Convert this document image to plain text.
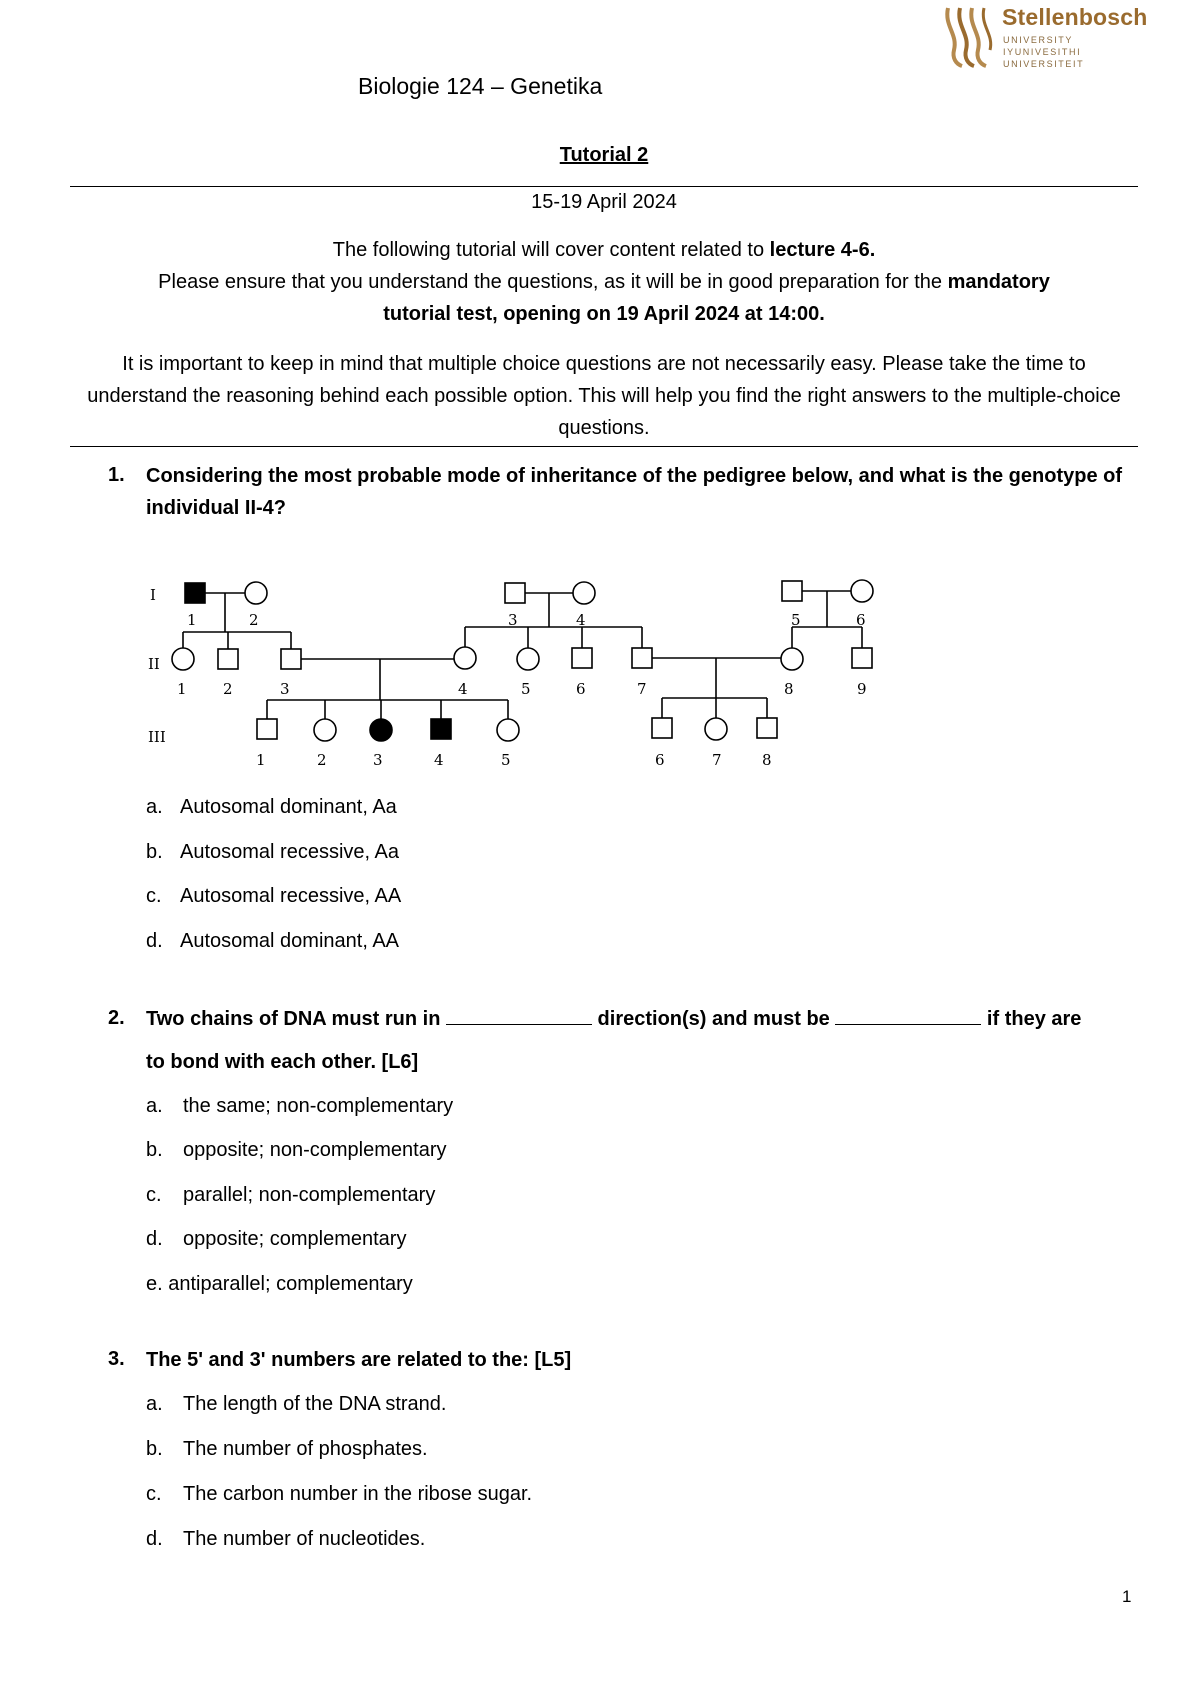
Stellenbosch
UNIVERSITY
IYUNIVESITHI
UNIVERSITEIT
Biologie 124 – Genetika
Tutorial 2
15-19 April 2024
The following tutorial will cover content related to lecture 4-6.
Please ensure that you understand the questions, as it will be in good preparation for the mandatory
tutorial test, opening on 19 April 2024 at 14:00.
It is important to keep in mind that multiple choice questions are not necessarily easy. Please take the time to understand the reasoning behind each possible option. This will help you find the right answers to the multiple-choice questions.
1. Considering the most probable mode of inheritance of the pedigree below, and what is the genotype of individual II-4?
I
II
III
1	2	3	4	5	6
1 2	3	4	5	6	7	8	9
1	2	3	4	5	6	7	8
a. Autosomal dominant, Aa
b. Autosomal recessive, Aa
c. Autosomal recessive, AA
d. Autosomal dominant, AA
2. Two chains of DNA must run in	direction(s) and must be	if they are
to bond with each other. [L6]
a. the same; non-complementary
b. opposite; non-complementary
c. parallel; non-complementary
d. opposite; complementary
e. antiparallel; complementary
3. The 5' and 3' numbers are related to the: [L5]
a. The length of the DNA strand.
b. The number of phosphates.
c. The carbon number in the ribose sugar.
d. The number of nucleotides.
1
